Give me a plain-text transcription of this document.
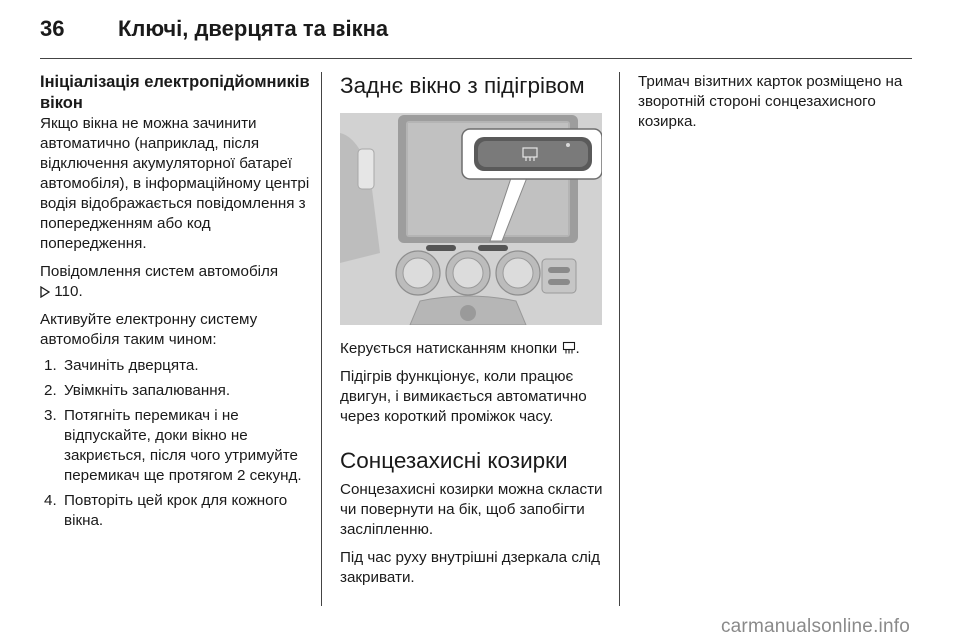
36 Ключі, дверцята та вікна
Ініціалізація електропідйомників вікон

Якщо вікна не можна зачинити автоматично (наприклад, після відключення акумуляторної батареї автомобіля), в інформаційному центрі водія відображається повідомлення з попередженням або код попередження.

Повідомлення систем автомобіля
110.

Активуйте електронну систему автомобіля таким чином:

1. Зачиніть дверцята.
2. Увімкніть запалювання.
3. Потягніть перемикач і не відпускайте, доки вікно не закриється, після чого утримуйте перемикач ще протягом 2 секунд.
4. Повторіть цей крок для кожного вікна.
Заднє вікно з підігрівом

Керується натисканням кнопки .

Підігрів функціонує, коли працює двигун, і вимикається автоматично через короткий проміжок часу.

Сонцезахисні козирки

Сонцезахисні козирки можна скласти чи повернути на бік, щоб запобігти засліпленню.

Під час руху внутрішні дзеркала слід закривати.

Тримач візитних карток розміщено на зворотній стороні сонцезахисного козирка.

carmanualsonline.info
